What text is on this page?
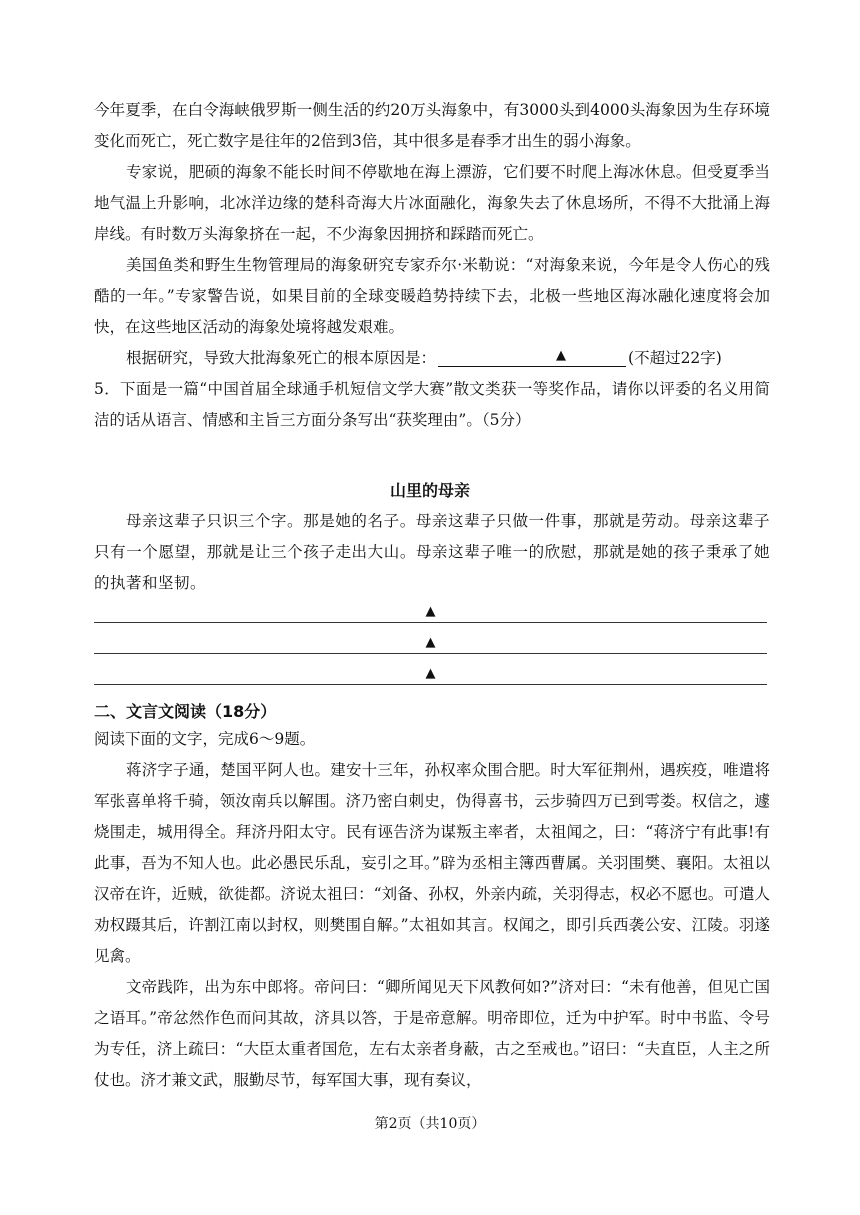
今年夏季，在白令海峡俄罗斯一侧生活的约20万头海象中，有3000头到4000头海象因为生存环境变化而死亡，死亡数字是往年的2倍到3倍，其中很多是春季才出生的弱小海象。

专家说，肥硕的海象不能长时间不停歇地在海上漂游，它们要不时爬上海冰休息。但受夏季当地气温上升影响，北冰洋边缘的楚科奇海大片冰面融化，海象失去了休息场所，不得不大批涌上海岸线。有时数万头海象挤在一起，不少海象因拥挤和踩踏而死亡。

美国鱼类和野生生物管理局的海象研究专家乔尔·米勒说：“对海象来说，今年是令人伤心的残酷的一年。”专家警告说，如果目前的全球变暖趋势持续下去，北极一些地区海冰融化速度将会加快，在这些地区活动的海象处境将越发艰难。

根据研究，导致大批海象死亡的根本原因是：	▲	(不超过22字)

5．下面是一篇“中国首届全球通手机短信文学大赛”散文类获一等奖作品，请你以评委的名义用简洁的话从语言、情感和主旨三方面分条写出“获奖理由”。（5分）

山里的母亲

母亲这辈子只识三个字。那是她的名子。母亲这辈子只做一件事，那就是劳动。母亲这辈子只有一个愿望，那就是让三个孩子走出大山。母亲这辈子唯一的欣慰，那就是她的孩子秉承了她的执著和坚韧。

▲
▲
▲
二、文言文阅读（18分）

阅读下面的文字，完成6～9题。

蒋济字子通，楚国平阿人也。建安十三年，孙权率众围合肥。时大军征荆州，遇疾疫，唯遣将军张喜单将千骑，领汝南兵以解围。济乃密白刺史，伪得喜书，云步骑四万已到雩娄。权信之，遽烧围走，城用得全。拜济丹阳太守。民有诬告济为谋叛主率者，太祖闻之，曰：“蒋济宁有此事!有此事，吾为不知人也。此必愚民乐乱，妄引之耳。”辟为丞相主簿西曹属。关羽围樊、襄阳。太祖以汉帝在许，近贼，欲徙都。济说太祖曰：“刘备、孙权，外亲内疏，关羽得志，权必不愿也。可遣人劝权蹑其后，许割江南以封权，则樊围自解。”太祖如其言。权闻之，即引兵西袭公安、江陵。羽遂见禽。

文帝践阼，出为东中郎将。帝问曰：“卿所闻见天下风教何如?”济对曰：“未有他善，但见亡国之语耳。”帝忿然作色而问其故，济具以答，于是帝意解。明帝即位，迁为中护军。时中书监、令号为专任，济上疏曰：“大臣太重者国危，左右太亲者身蔽，古之至戒也。”诏曰：“夫直臣，人主之所仗也。济才兼文武，服勤尽节，每军国大事，现有奏议，

第2页（共10页）
